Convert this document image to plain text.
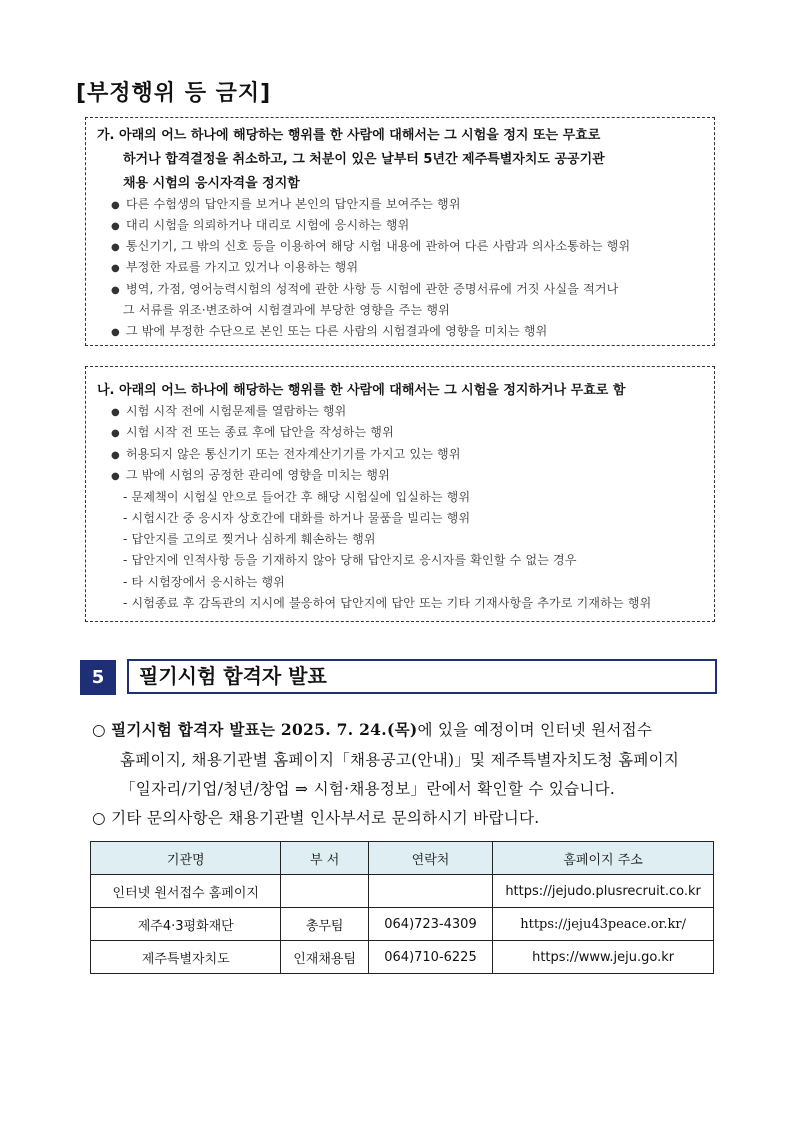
[부정행위 등 금지]
가. 아래의 어느 하나에 해당하는 행위를 한 사람에 대해서는 그 시험을 정지 또는 무효로
하거나 합격결정을 취소하고, 그 처분이 있은 날부터 5년간 제주특별자치도 공공기관
채용 시험의 응시자격을 정지함
● 다른 수험생의 답안지를 보거나 본인의 답안지를 보여주는 행위
● 대리 시험을 의뢰하거나 대리로 시험에 응시하는 행위
● 통신기기, 그 밖의 신호 등을 이용하여 해당 시험 내용에 관하여 다른 사람과 의사소통하는 행위
● 부정한 자료를 가지고 있거나 이용하는 행위
● 병역, 가점, 영어능력시험의 성적에 관한 사항 등 시험에 관한 증명서류에 거짓 사실을 적거나
그 서류를 위조·변조하여 시험결과에 부당한 영향을 주는 행위
● 그 밖에 부정한 수단으로 본인 또는 다른 사람의 시험결과에 영향을 미치는 행위
나. 아래의 어느 하나에 해당하는 행위를 한 사람에 대해서는 그 시험을 정지하거나 무효로 함
● 시험 시작 전에 시험문제를 열람하는 행위
● 시험 시작 전 또는 종료 후에 답안을 작성하는 행위
● 허용되지 않은 통신기기 또는 전자계산기기를 가지고 있는 행위
● 그 밖에 시험의 공정한 관리에 영향을 미치는 행위
- 문제책이 시험실 안으로 들어간 후 해당 시험실에 입실하는 행위
- 시험시간 중 응시자 상호간에 대화를 하거나 물품을 빌리는 행위
- 답안지를 고의로 찢거나 심하게 훼손하는 행위
- 답안지에 인적사항 등을 기재하지 않아 당해 답안지로 응시자를 확인할 수 없는 경우
- 타 시험장에서 응시하는 행위
- 시험종료 후 감독관의 지시에 불응하여 답안지에 답안 또는 기타 기재사항을 추가로 기재하는 행위
5	필기시험 합격자 발표
○ 필기시험 합격자 발표는 2025. 7. 24.(목)에 있을 예정이며 인터넷 원서접수
홈페이지, 채용기관별 홈페이지「채용공고(안내)」및 제주특별자치도청 홈페이지
「일자리/기업/청년/창업 ⇒ 시험·채용정보」란에서 확인할 수 있습니다.
○ 기타 문의사항은 채용기관별 인사부서로 문의하시기 바랍니다.
기관명	부 서	연락처	홈페이지 주소
인터넷 원서접수 홈페이지			https://jejudo.plusrecruit.co.kr
제주4·3평화재단	총무팀	064)723-4309	https://jeju43peace.or.kr/
제주특별자치도	인재채용팀	064)710-6225	https://www.jeju.go.kr
